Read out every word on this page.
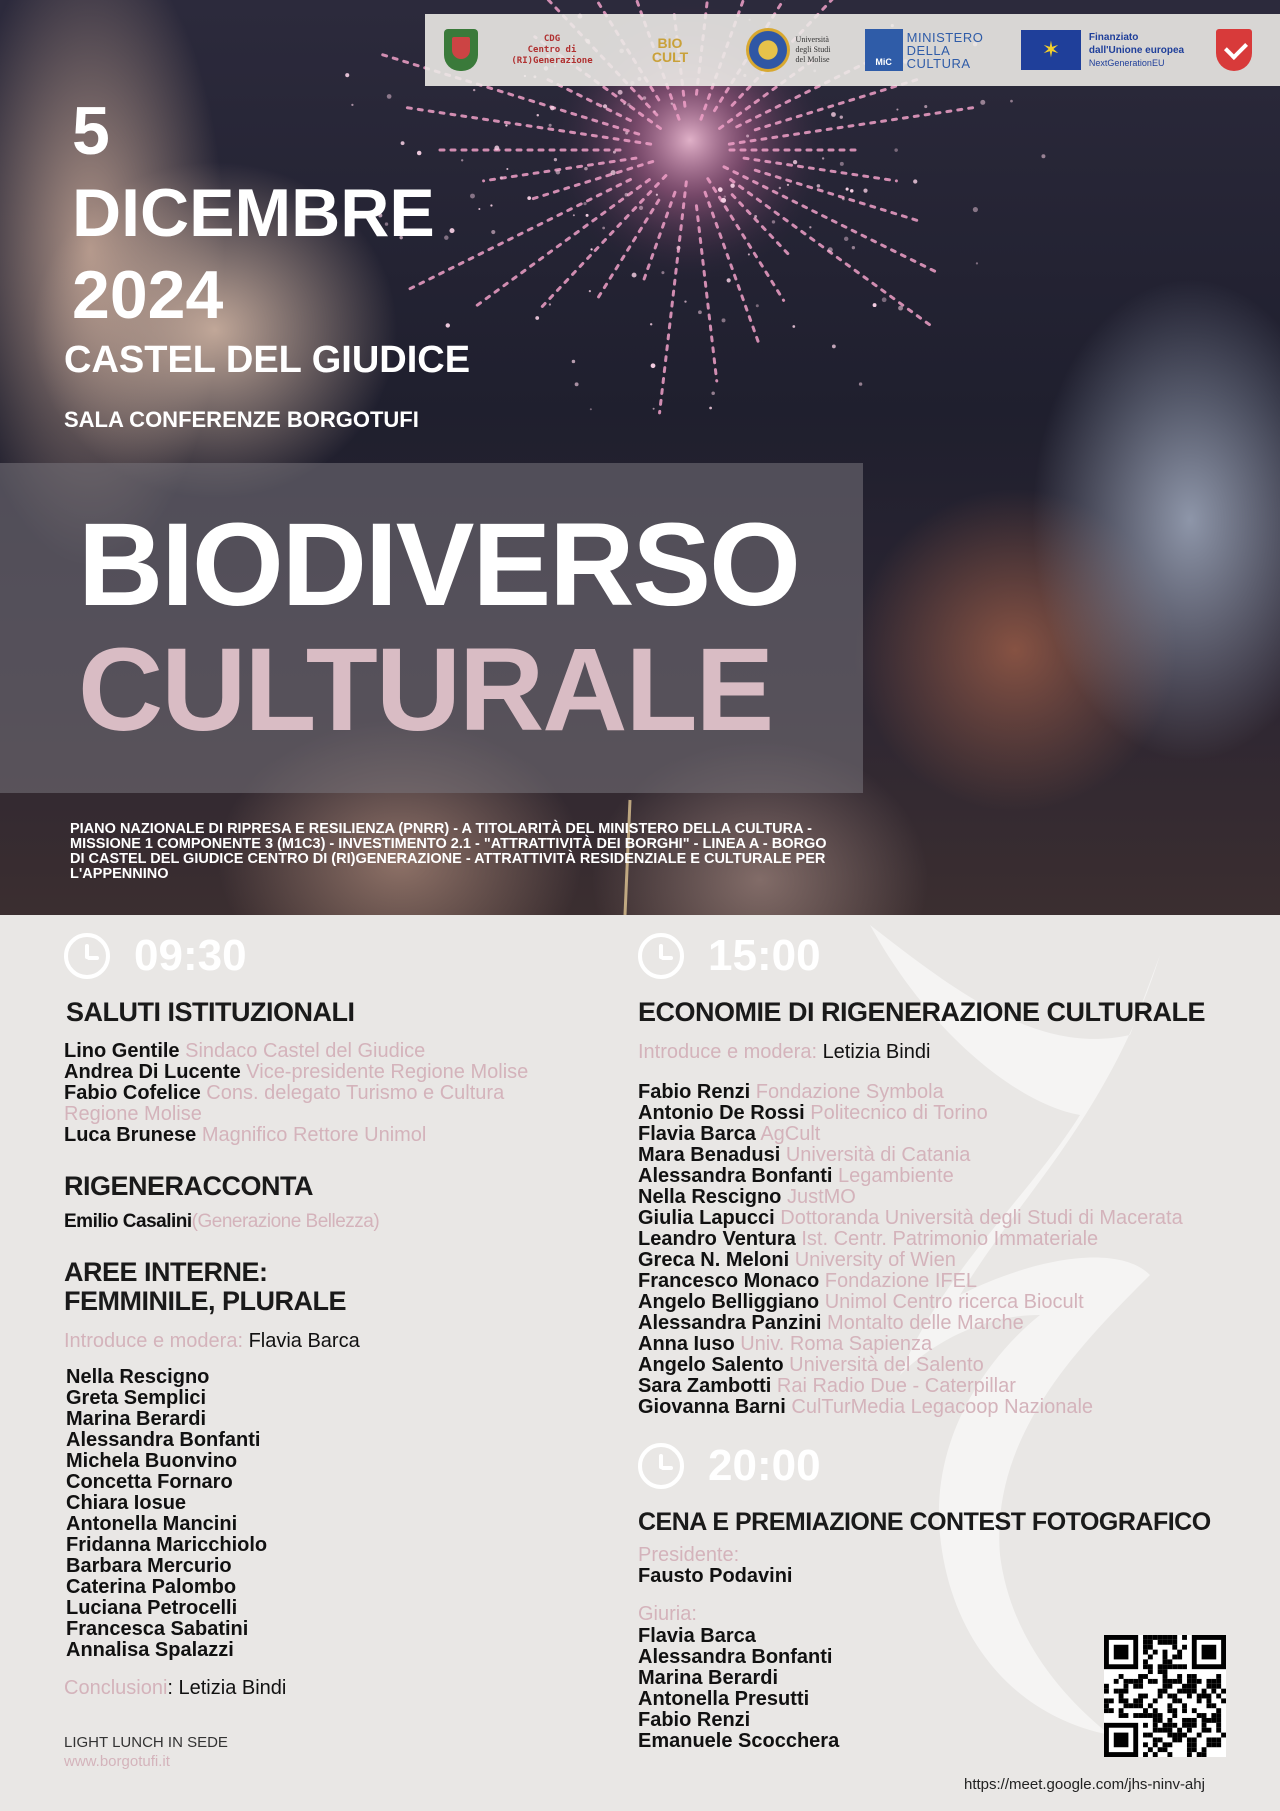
CDG
Centro di
(RI)Generazione
BIO
CULT
Università
degli Studi
del Molise	MiC
MINISTERO
DELLA
CULTURA
✶	Finanziato
dall'Unione europea
NextGenerationEU
5
DICEMBRE
2024
CASTEL DEL GIUDICE
SALA CONFERENZE BORGOTUFI
BIODIVERSO
CULTURALE
PIANO NAZIONALE DI RIPRESA E RESILIENZA (PNRR) - A TITOLARITÀ DEL MINISTERO DELLA CULTURA - MISSIONE 1 COMPONENTE 3 (M1C3) - INVESTIMENTO 2.1 - "ATTRATTIVITÀ DEI BORGHI" - LINEA A - BORGO DI CASTEL DEL GIUDICE CENTRO DI (RI)GENERAZIONE - ATTRATTIVITÀ RESIDENZIALE E CULTURALE PER L'APPENNINO
09:30
SALUTI ISTITUZIONALI
Lino Gentile Sindaco Castel del Giudice
Andrea Di Lucente Vice-presidente Regione Molise
Fabio Cofelice Cons. delegato Turismo e Cultura
Regione Molise
Luca Brunese Magnifico Rettore Unimol
RIGENERACCONTA
Emilio Casalini(Generazione Bellezza)
AREE INTERNE:
FEMMINILE, PLURALE
Introduce e modera: Flavia Barca
Nella Rescigno
Greta Semplici
Marina Berardi
Alessandra Bonfanti
Michela Buonvino
Concetta Fornaro
Chiara Iosue
Antonella Mancini
Fridanna Maricchiolo
Barbara Mercurio
Caterina Palombo
Luciana Petrocelli
Francesca Sabatini
Annalisa Spalazzi
Conclusioni: Letizia Bindi
LIGHT LUNCH IN SEDE
www.borgotufi.it
15:00
ECONOMIE DI RIGENERAZIONE CULTURALE
Introduce e modera: Letizia Bindi
Fabio Renzi Fondazione Symbola
Antonio De Rossi Politecnico di Torino
Flavia Barca AgCult
Mara Benadusi Università di Catania
Alessandra Bonfanti Legambiente
Nella Rescigno JustMO
Giulia Lapucci Dottoranda Università degli Studi di Macerata
Leandro Ventura Ist. Centr. Patrimonio Immateriale
Greca N. Meloni University of Wien
Francesco Monaco Fondazione IFEL
Angelo Belliggiano Unimol Centro ricerca Biocult
Alessandra Panzini Montalto delle Marche
Anna Iuso Univ. Roma Sapienza
Angelo Salento Università del Salento
Sara Zambotti Rai Radio Due - Caterpillar
Giovanna Barni CulTurMedia Legacoop Nazionale
20:00
CENA E PREMIAZIONE CONTEST FOTOGRAFICO
Presidente:
Fausto Podavini
Giuria:
Flavia Barca
Alessandra Bonfanti
Marina Berardi
Antonella Presutti
Fabio Renzi
Emanuele Scocchera
https://meet.google.com/jhs-ninv-ahj
